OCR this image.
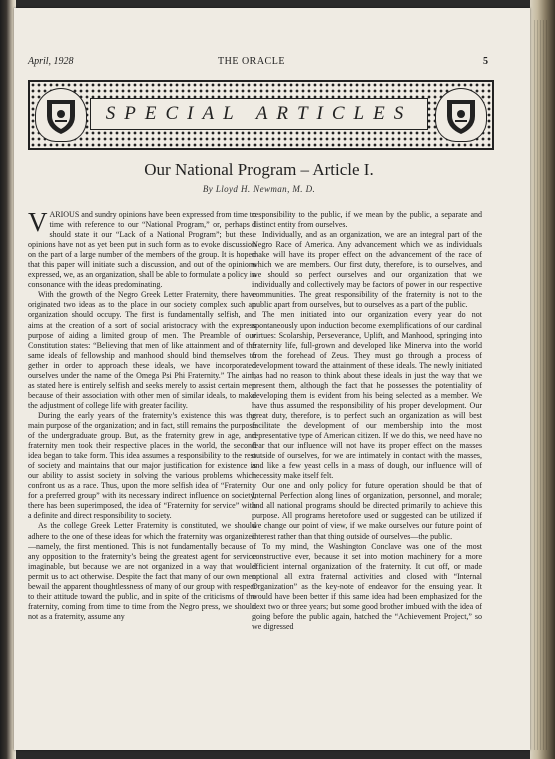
April, 1928	THE ORACLE	5
SPECIAL ARTICLES
Our National Program – Article I.
By Lloyd H. Newman, M. D.

VARIOUS and sundry opinions have been expressed from time to time with reference to our “National Program,” or, perhaps I should state it our “Lack of a National Program”; but these opinions have not as yet been put in such form as to evoke discussion on the part of a large number of the members of the group. It is hoped that this paper will initiate such a discussion, and out of the opinions expressed, we, as an organization, shall be able to formulate a policy in consonance with the ideas predominating.

With the growth of the Negro Greek Letter Fraternity, there have originated two ideas as to the place in our society complex such an organization should occupy. The first is fundamentally selfish, and aims at the creation of a sort of social aristocracy with the express purpose of aiding a limited group of men. The Preamble of our Constitution states: “Believing that men of like attainment and of the same ideals of fellowship and manhood should bind themselves to gether in order to approach these ideals, we have incorporated ourselves under the name of the Omega Psi Phi Fraternity.” The aim, as stated here is entirely selfish and seeks merely to assist certain men because of their association with other men of similar ideals, to make the adjustment of college life with greater facility.

During the early years of the fraternity’s existence this was the main purpose of the organization; and in fact, still remains the purpose of the undergraduate group. But, as the fraternity grew in age, and fraternity men took their respective places in the world, the second idea began to take form. This idea assumes a responsibility to the rest of society and maintains that our major justification for existence is our ability to assist society in solving the various problems which confront us as a race. Thus, upon the more selfish idea of “Fraternity for a preferred group” with its necessary indirect influence on society, there has been superimposed, the idea of “Fraternity for service” with a definite and direct responsibility to society.

As the college Greek Letter Fraternity is constituted, we should adhere to the one of these ideas for which the fraternity was organized—namely, the first mentioned. This is not fundamentally because of any opposition to the fraternity’s being the greatest agent for service imaginable, but because we are not organized in a way that would permit us to act otherwise. Despite the fact that many of our own men bewail the apparent thoughtlessness of many of our group with respect to their attitude toward the public, and in spite of the criticisms of the fraternity, coming from time to time from the Negro press, we should not as a fraternity, assume any

responsibility to the public, if we mean by the public, a separate and distinct entity from ourselves.

Individually, and as an organization, we are an integral part of the Negro Race of America. Any advancement which we as individuals make will have its proper effect on the advancement of the race of which we are members. Our first duty, therefore, is to ourselves, and we should so perfect ourselves and our organization that we individually and collectively may be factors of power in our respective communities. The great responsibility of the fraternity is not to the public apart from ourselves, but to ourselves as a part of the public.

The men initiated into our organization every year do not spontaneously upon induction become exemplifications of our cardinal virtues: Scolarship, Perseverance, Uplift, and Manhood, springing into fraternity life, full-grown and developed like Minerva into the world from the forehead of Zeus. They must go through a process of development toward the attainment of these ideals. The newly initiated has had no reason to think about these ideals in just the way that we present them, although the fact that he possesses the potentiality of developing them is evident from his being selected as a member. We have thus assumed the responsibility of his proper development. Our great duty, therefore, is to perfect such an organization as will best facilitate the development of our membership into the most representative type of American citizen. If we do this, we need have no fear that our influence will not have its proper effect on the masses outside of ourselves, for we are intimately in contact with the masses, and like a few yeast cells in a mass of dough, our influence will of necessity make itself felt.

Our one and only policy for future operation should be that of Internal Perfection along lines of organization, personnel, and morale; and all national programs should be directed primarily to achieve this purpose. All programs heretofore used or suggested can be utilized if we change our point of view, if we make ourselves our future point of interest rather than that thing outside of ourselves—the public.

To my mind, the Washington Conclave was one of the most constructive ever, because it set into motion machinery for a more efficient internal organization of the fraternity. It cut off, or made optional all extra fraternal activities and closed with “Internal Organization” as the key-note of endeavor for the ensuing year. It would have been better if this same idea had been emphasized for the next two or three years; but some good brother imbued with the idea of going before the public again, hatched the “Achievement Project,” so we digressed
